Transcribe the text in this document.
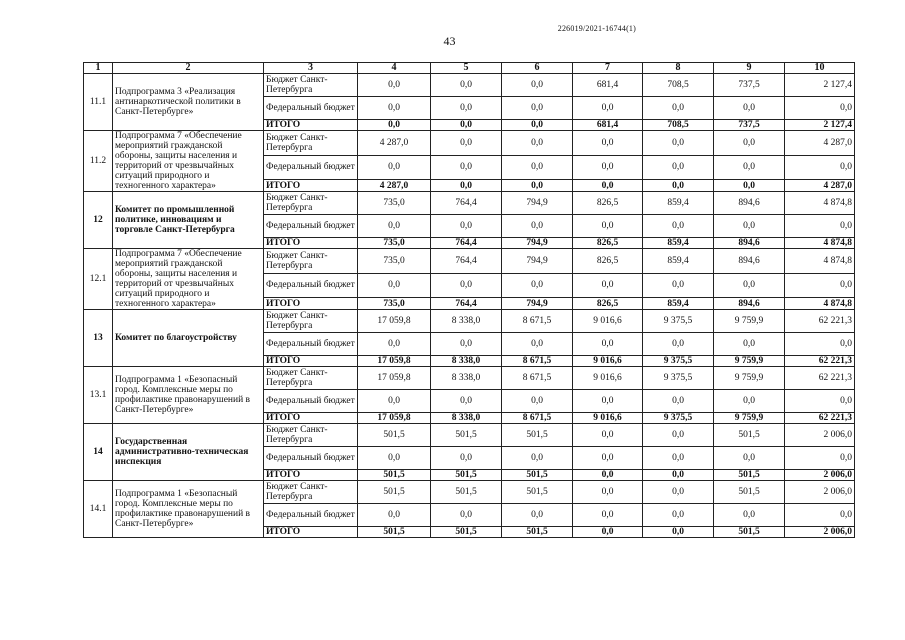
226019/2021-16744(1)
43
1	2	3	4	5	6	7	8	9	10
11.1	Подпрограмма 3 «Реализация антинаркотической политики в Санкт-Петербурге»	Бюджет Санкт-Петербурга	0,0	0,0	0,0	681,4	708,5	737,5	2 127,4
		Федеральный бюджет	0,0	0,0	0,0	0,0	0,0	0,0	0,0
		ИТОГО	0,0	0,0	0,0	681,4	708,5	737,5	2 127,4
11.2	Подпрограмма 7 «Обеспечение мероприятий гражданской обороны, защиты населения и территорий от чрезвычайных ситуаций природного и техногенного характера»	Бюджет Санкт-Петербурга	4 287,0	0,0	0,0	0,0	0,0	0,0	4 287,0
		Федеральный бюджет	0,0	0,0	0,0	0,0	0,0	0,0	0,0
		ИТОГО	4 287,0	0,0	0,0	0,0	0,0	0,0	4 287,0
12	Комитет по промышленной политике, инновациям и торговле Санкт-Петербурга	Бюджет Санкт-Петербурга	735,0	764,4	794,9	826,5	859,4	894,6	4 874,8
		Федеральный бюджет	0,0	0,0	0,0	0,0	0,0	0,0	0,0
		ИТОГО	735,0	764,4	794,9	826,5	859,4	894,6	4 874,8
12.1	Подпрограмма 7 «Обеспечение мероприятий гражданской обороны, защиты населения и территорий от чрезвычайных ситуаций природного и техногенного характера»	Бюджет Санкт-Петербурга	735,0	764,4	794,9	826,5	859,4	894,6	4 874,8
		Федеральный бюджет	0,0	0,0	0,0	0,0	0,0	0,0	0,0
		ИТОГО	735,0	764,4	794,9	826,5	859,4	894,6	4 874,8
13	Комитет по благоустройству	Бюджет Санкт-Петербурга	17 059,8	8 338,0	8 671,5	9 016,6	9 375,5	9 759,9	62 221,3
		Федеральный бюджет	0,0	0,0	0,0	0,0	0,0	0,0	0,0
		ИТОГО	17 059,8	8 338,0	8 671,5	9 016,6	9 375,5	9 759,9	62 221,3
13.1	Подпрограмма 1 «Безопасный город. Комплексные меры по профилактике правонарушений в Санкт-Петербурге»	Бюджет Санкт-Петербурга	17 059,8	8 338,0	8 671,5	9 016,6	9 375,5	9 759,9	62 221,3
		Федеральный бюджет	0,0	0,0	0,0	0,0	0,0	0,0	0,0
		ИТОГО	17 059,8	8 338,0	8 671,5	9 016,6	9 375,5	9 759,9	62 221,3
14	Государственная административно-техническая инспекция	Бюджет Санкт-Петербурга	501,5	501,5	501,5	0,0	0,0	501,5	2 006,0
		Федеральный бюджет	0,0	0,0	0,0	0,0	0,0	0,0	0,0
		ИТОГО	501,5	501,5	501,5	0,0	0,0	501,5	2 006,0
14.1	Подпрограмма 1 «Безопасный город. Комплексные меры по профилактике правонарушений в Санкт-Петербурге»	Бюджет Санкт-Петербурга	501,5	501,5	501,5	0,0	0,0	501,5	2 006,0
		Федеральный бюджет	0,0	0,0	0,0	0,0	0,0	0,0	0,0
		ИТОГО	501,5	501,5	501,5	0,0	0,0	501,5	2 006,0
